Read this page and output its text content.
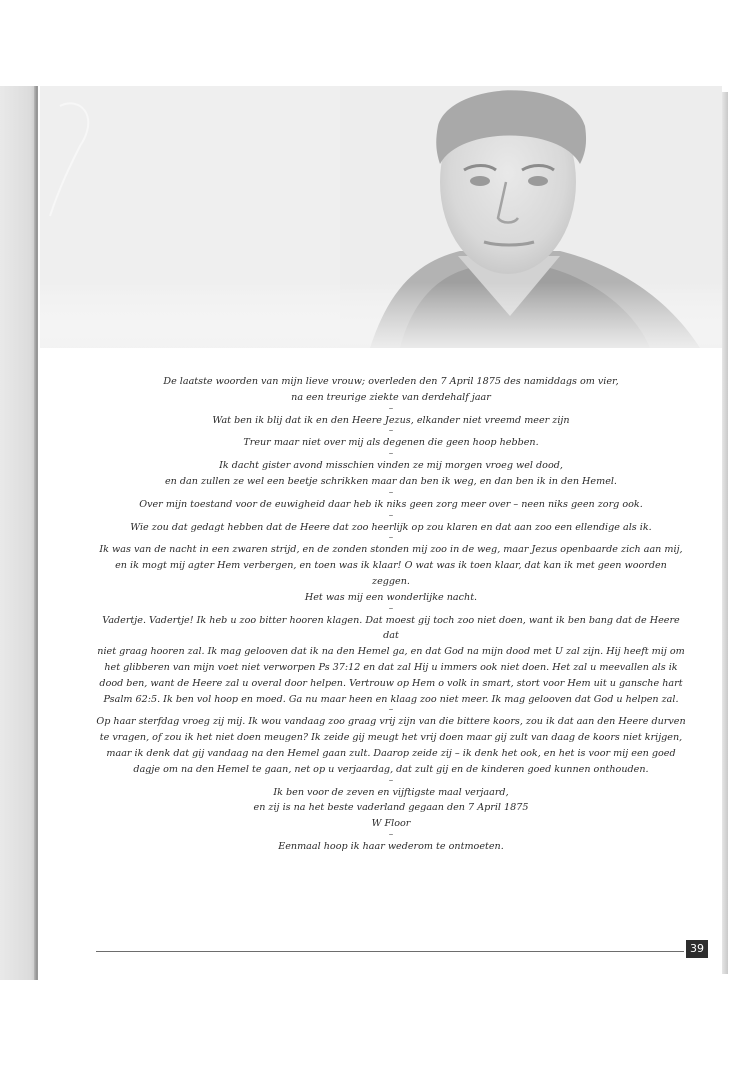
De laatste woorden van mijn lieve vrouw; overleden den 7 April 1875 des namiddags om vier,
na een treurige ziekte van derdehalf jaar

–

Wat ben ik blij dat ik en den Heere Jezus, elkander niet vreemd meer zijn

–

Treur maar niet over mij als degenen die geen hoop hebben.

–

Ik dacht gister avond misschien vinden ze mij morgen vroeg wel dood,
en dan zullen ze wel een beetje schrikken maar dan ben ik weg, en dan ben ik in den Hemel.

–

Over mijn toestand voor de euwigheid daar heb ik niks geen zorg meer over – neen niks geen zorg ook.

–

Wie zou dat gedagt hebben dat de Heere dat zoo heerlijk op zou klaren en dat aan zoo een ellendige als ik.

–

Ik was van de nacht in een zwaren strijd, en de zonden stonden mij zoo in de weg, maar Jezus openbaarde zich aan mij,
en ik mogt mij agter Hem verbergen, en toen was ik klaar! O wat was ik toen klaar, dat kan ik met geen woorden zeggen.
Het was mij een wonderlijke nacht.

–

Vadertje. Vadertje! Ik heb u zoo bitter hooren klagen. Dat moest gij toch zoo niet doen, want ik ben bang dat de Heere dat
niet graag hooren zal. Ik mag gelooven dat ik na den Hemel ga, en dat God na mijn dood met U zal zijn. Hij heeft mij om
het glibberen van mijn voet niet verworpen Ps 37:12 en dat zal Hij u immers ook niet doen. Het zal u meevallen als ik
dood ben, want de Heere zal u overal door helpen. Vertrouw op Hem o volk in smart, stort voor Hem uit u gansche hart
Psalm 62:5. Ik ben vol hoop en moed. Ga nu maar heen en klaag zoo niet meer. Ik mag gelooven dat God u helpen zal.

–

Op haar sterfdag vroeg zij mij. Ik wou vandaag zoo graag vrij zijn van die bittere koors, zou ik dat aan den Heere durven
te vragen, of zou ik het niet doen meugen? Ik zeide gij meugt het vrij doen maar gij zult van daag de koors niet krijgen,
maar ik denk dat gij vandaag na den Hemel gaan zult. Daarop zeide zij – ik denk het ook, en het is voor mij een goed
dagje om na den Hemel te gaan, net op u verjaardag, dat zult gij en de kinderen goed kunnen onthouden.

–

Ik ben voor de zeven en vijftigste maal verjaard,
en zij is na het beste vaderland gegaan den 7 April 1875
W Floor

–

Eenmaal hoop ik haar wederom te ontmoeten.

39
